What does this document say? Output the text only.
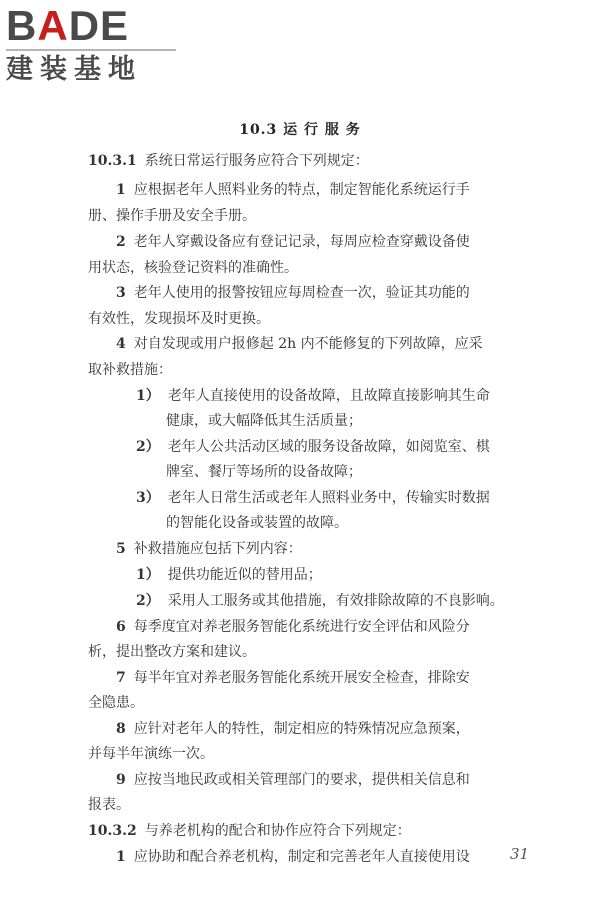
BADE
建装基地
10.3 运 行 服 务
10.3.1 系统日常运行服务应符合下列规定：
1 应根据老年人照料业务的特点，制定智能化系统运行手
册、操作手册及安全手册。
2 老年人穿戴设备应有登记记录，每周应检查穿戴设备使
用状态，核验登记资料的准确性。
3 老年人使用的报警按钮应每周检查一次，验证其功能的
有效性，发现损坏及时更换。
4 对自发现或用户报修起 2h 内不能修复的下列故障，应采
取补救措施：
1） 老年人直接使用的设备故障，且故障直接影响其生命
健康，或大幅降低其生活质量；
2） 老年人公共活动区域的服务设备故障，如阅览室、棋
牌室、餐厅等场所的设备故障；
3） 老年人日常生活或老年人照料业务中，传输实时数据
的智能化设备或装置的故障。
5 补救措施应包括下列内容：
1） 提供功能近似的替用品；
2） 采用人工服务或其他措施，有效排除故障的不良影响。
6 每季度宜对养老服务智能化系统进行安全评估和风险分
析，提出整改方案和建议。
7 每半年宜对养老服务智能化系统开展安全检查，排除安
全隐患。
8 应针对老年人的特性，制定相应的特殊情况应急预案，
并每半年演练一次。
9 应按当地民政或相关管理部门的要求，提供相关信息和
报表。
10.3.2 与养老机构的配合和协作应符合下列规定：
1 应协助和配合养老机构，制定和完善老年人直接使用设	31
